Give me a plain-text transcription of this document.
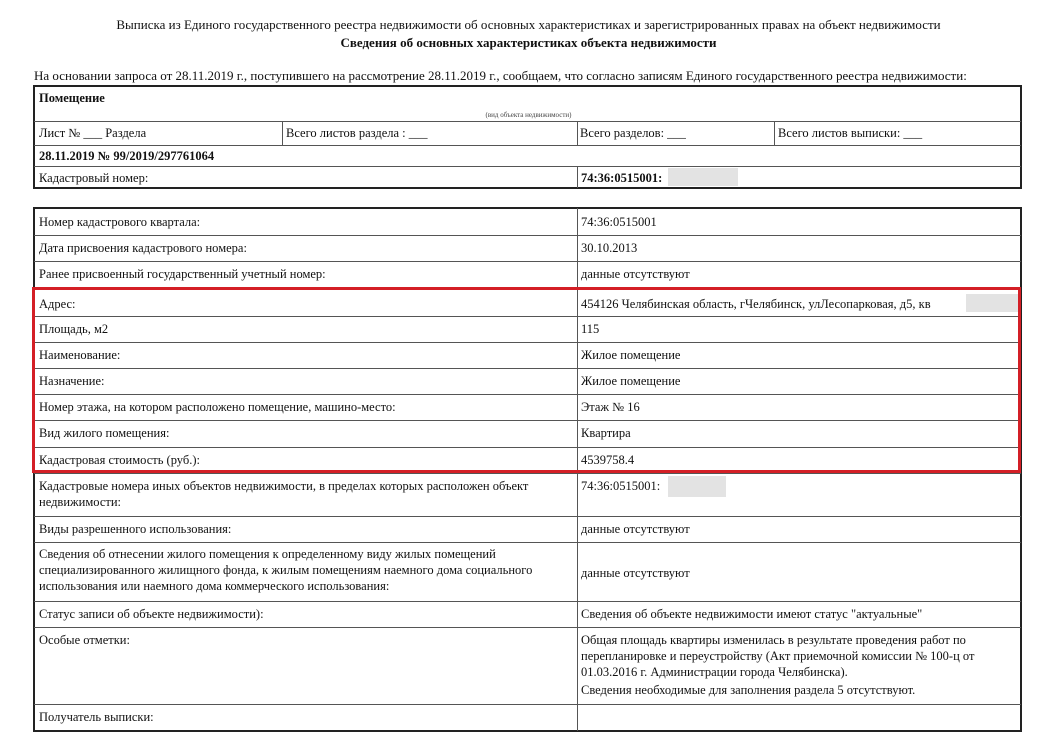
Выписка из Единого государственного реестра недвижимости об основных характеристиках и зарегистрированных правах на объект недвижимости
Сведения об основных характеристиках объекта недвижимости
На основании запроса от 28.11.2019 г., поступившего на рассмотрение 28.11.2019 г., сообщаем, что согласно записям Единого государственного реестра недвижимости:
Помещение
(вид объекта недвижимости)
Лист № ___ Раздела	Всего листов раздела : ___	Всего разделов: ___	Всего листов выписки: ___
28.11.2019 № 99/2019/297761064
Кадастровый номер:	74:36:0515001:
Номер кадастрового квартала:	74:36:0515001
Дата присвоения кадастрового номера:	30.10.2013
Ранее присвоенный государственный учетный номер:	данные отсутствуют
Адрес:	454126 Челябинская область, гЧелябинск, улЛесопарковая, д5, кв
Площадь, м2	115
Наименование:	Жилое помещение
Назначение:	Жилое помещение
Номер этажа, на котором расположено помещение, машино-место:	Этаж № 16
Вид жилого помещения:	Квартира
Кадастровая стоимость (руб.):	4539758.4
Кадастровые номера иных объектов недвижимости, в пределах которых расположен объект недвижимости:
74:36:0515001:
Виды разрешенного использования:	данные отсутствуют
Сведения об отнесении жилого помещения к определенному виду жилых помещений специализированного жилищного фонда, к жилым помещениям наемного дома социального использования или наемного дома коммерческого использования:
данные отсутствуют
Статус записи об объекте недвижимости):	Сведения об объекте недвижимости имеют статус "актуальные"
Особые отметки:	Общая площадь квартиры изменилась в результате проведения работ по перепланировке и переустройству (Акт приемочной комиссии № 100-ц от 01.03.2016 г. Администрации города Челябинска).
Сведения необходимые для заполнения раздела 5 отсутствуют.
Получатель выписки:
